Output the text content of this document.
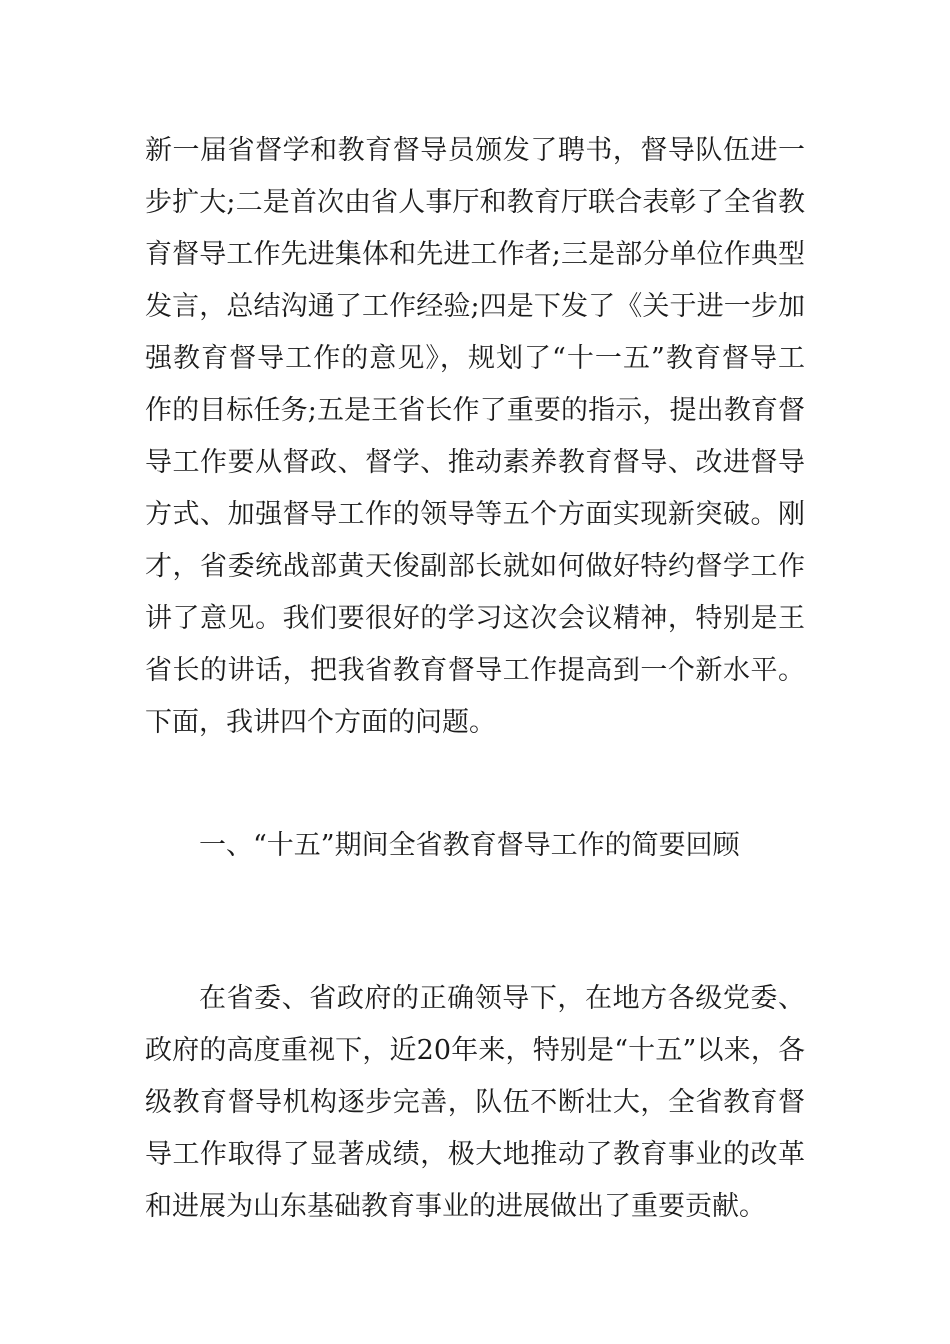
新一届省督学和教育督导员颁发了聘书，督导队伍进一步扩大;二是首次由省人事厅和教育厅联合表彰了全省教育督导工作先进集体和先进工作者;三是部分单位作典型发言，总结沟通了工作经验;四是下发了《关于进一步加强教育督导工作的意见》，规划了“十一五”教育督导工作的目标任务;五是王省长作了重要的指示，提出教育督导工作要从督政、督学、推动素养教育督导、改进督导方式、加强督导工作的领导等五个方面实现新突破。刚才，省委统战部黄天俊副部长就如何做好特约督学工作讲了意见。我们要很好的学习这次会议精神，特别是王省长的讲话，把我省教育督导工作提高到一个新水平。下面，我讲四个方面的问题。

一、“十五”期间全省教育督导工作的简要回顾

在省委、省政府的正确领导下，在地方各级党委、政府的高度重视下，近20年来，特别是“十五”以来，各级教育督导机构逐步完善，队伍不断壮大，全省教育督导工作取得了显著成绩，极大地推动了教育事业的改革和进展为山东基础教育事业的进展做出了重要贡献。
